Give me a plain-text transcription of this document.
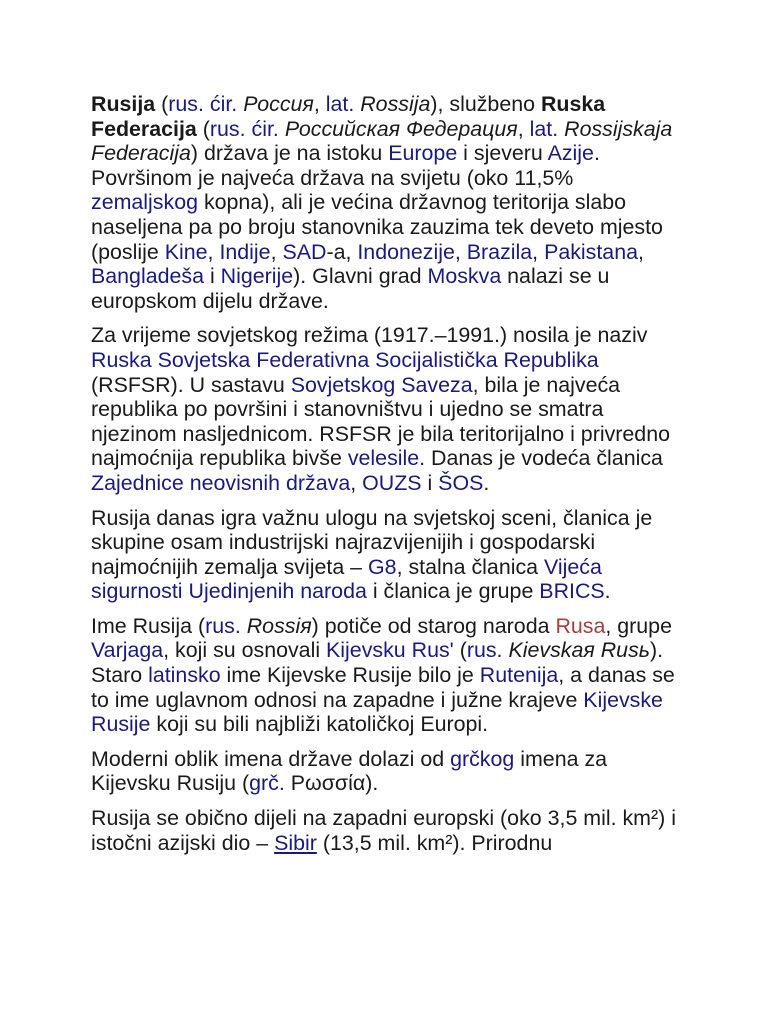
Rusija (rus. ćir. Россия, lat. Rossija), službeno Ruska Federacija (rus. ćir. Российская Федерация, lat. Rossijskaja Federacija) država je na istoku Europe i sjeveru Azije. Površinom je najveća država na svijetu (oko 11,5% zemaljskog kopna), ali je većina državnog teritorija slabo naseljena pa po broju stanovnika zauzima tek deveto mjesto (poslije Kine, Indije, SAD-a, Indonezije, Brazila, Pakistana, Bangladeša i Nigerije). Glavni grad Moskva nalazi se u europskom dijelu države.

Za vrijeme sovjetskog režima (1917.–1991.) nosila je naziv Ruska Sovjetska Federativna Socijalistička Republika (RSFSR). U sastavu Sovjetskog Saveza, bila je najveća republika po površini i stanovništvu i ujedno se smatra njezinom nasljednicom. RSFSR je bila teritorijalno i privredno najmoćnija republika bivše velesile. Danas je vodeća članica Zajednice neovisnih država, OUZS i ŠOS.

Rusija danas igra važnu ulogu na svjetskoj sceni, članica je skupine osam industrijski najrazvijenijih i gospodarski najmoćnijih zemalja svijeta – G8, stalna članica Vijeća sigurnosti Ujedinjenih naroda i članica je grupe BRICS.

Ime Rusija (rus. Rossiя) potiče od starog naroda Rusa, grupe Varjaga, koji su osnovali Kijevsku Rus' (rus. Kievskaя Rusь). Staro latinsko ime Kijevske Rusije bilo je Rutenija, a danas se to ime uglavnom odnosi na zapadne i južne krajeve Kijevske Rusije koji su bili najbliži katoličkoj Europi.

Moderni oblik imena države dolazi od grčkog imena za Kijevsku Rusiju (grč. Ρωσσία).

Rusija se obično dijeli na zapadni europski (oko 3,5 mil. km²) i istočni azijski dio – Sibir (13,5 mil. km²). Prirodnu
